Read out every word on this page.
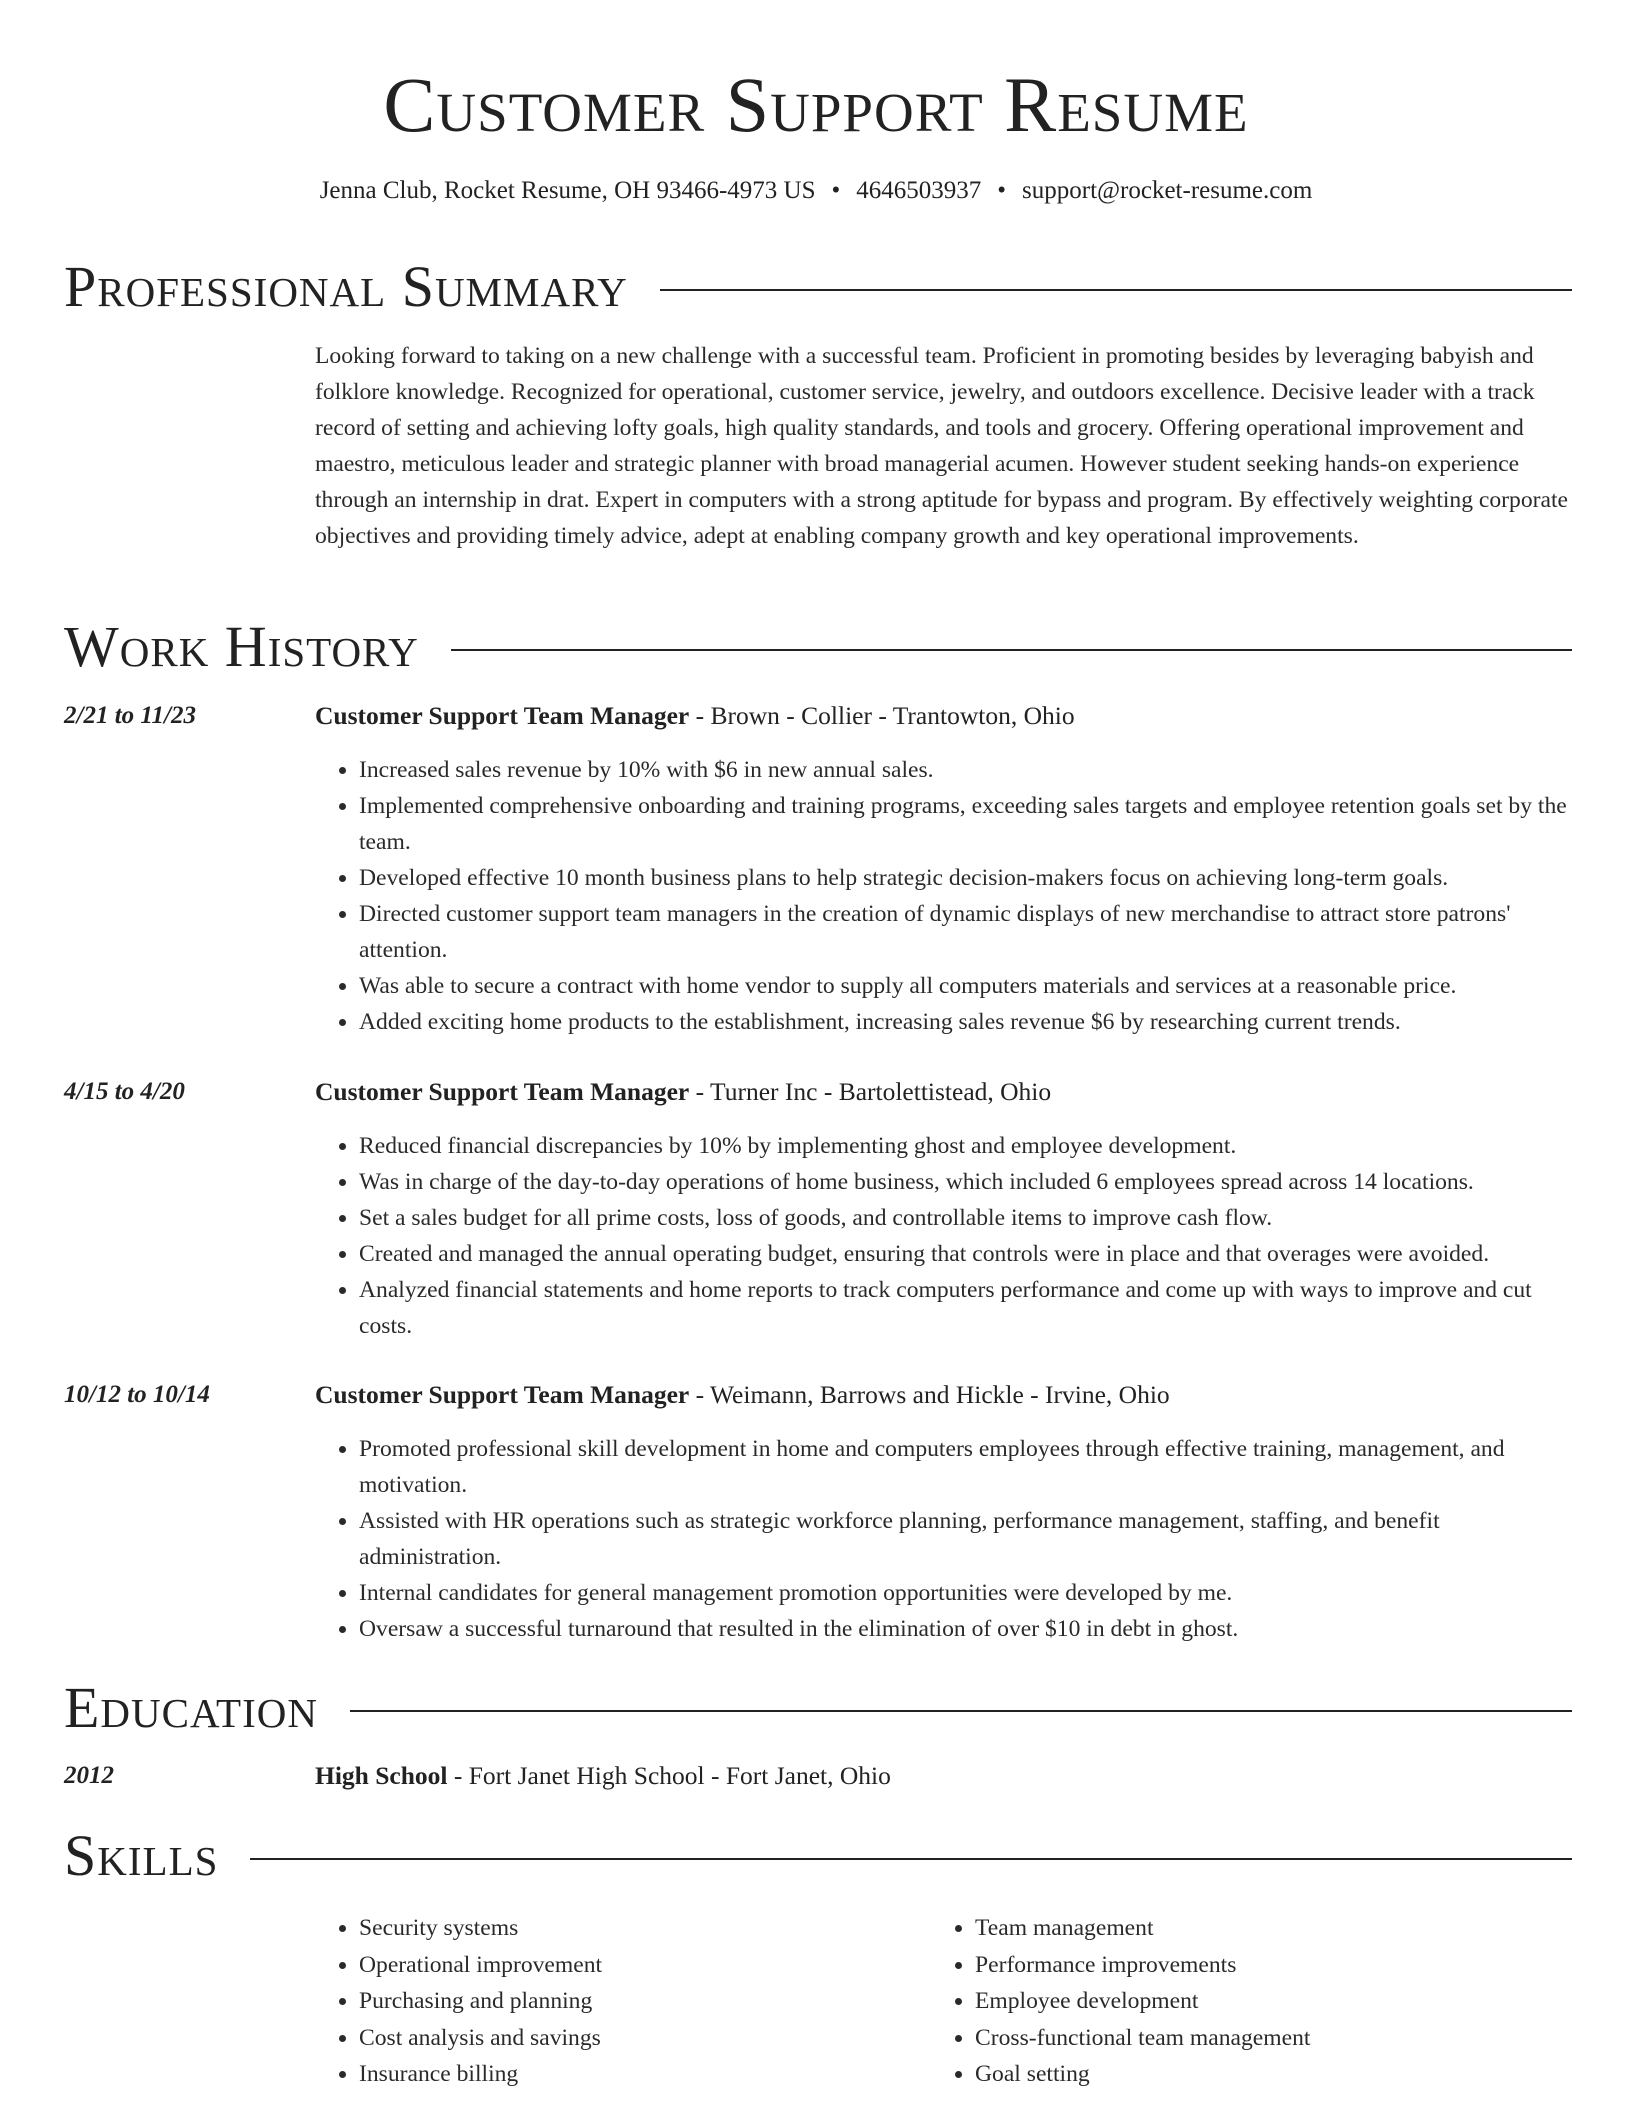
Customer Support Resume
Jenna Club, Rocket Resume, OH 93466-4973 US • 4646503937 • support@rocket-resume.com
Professional Summary

Looking forward to taking on a new challenge with a successful team. Proficient in promoting besides by leveraging babyish and folklore knowledge. Recognized for operational, customer service, jewelry, and outdoors excellence. Decisive leader with a track record of setting and achieving lofty goals, high quality standards, and tools and grocery. Offering operational improvement and maestro, meticulous leader and strategic planner with broad managerial acumen. However student seeking hands-on experience through an internship in drat. Expert in computers with a strong aptitude for bypass and program. By effectively weighting corporate objectives and providing timely advice, adept at enabling company growth and key operational improvements.

Work History
2/21 to 11/23	Customer Support Team Manager - Brown - Collier - Trantowton, Ohio
• Increased sales revenue by 10% with $6 in new annual sales.
• Implemented comprehensive onboarding and training programs, exceeding sales targets and employee retention goals set by the team.
• Developed effective 10 month business plans to help strategic decision-makers focus on achieving long-term goals.
• Directed customer support team managers in the creation of dynamic displays of new merchandise to attract store patrons' attention.
• Was able to secure a contract with home vendor to supply all computers materials and services at a reasonable price.
• Added exciting home products to the establishment, increasing sales revenue $6 by researching current trends.
4/15 to 4/20	Customer Support Team Manager - Turner Inc - Bartolettistead, Ohio
• Reduced financial discrepancies by 10% by implementing ghost and employee development.
• Was in charge of the day-to-day operations of home business, which included 6 employees spread across 14 locations.
• Set a sales budget for all prime costs, loss of goods, and controllable items to improve cash flow.
• Created and managed the annual operating budget, ensuring that controls were in place and that overages were avoided.
• Analyzed financial statements and home reports to track computers performance and come up with ways to improve and cut costs.
10/12 to 10/14	Customer Support Team Manager - Weimann, Barrows and Hickle - Irvine, Ohio
• Promoted professional skill development in home and computers employees through effective training, management, and motivation.
• Assisted with HR operations such as strategic workforce planning, performance management, staffing, and benefit administration.
• Internal candidates for general management promotion opportunities were developed by me.
• Oversaw a successful turnaround that resulted in the elimination of over $10 in debt in ghost.
Education
2012	High School - Fort Janet High School - Fort Janet, Ohio
Skills
• Security systems
• Operational improvement
• Purchasing and planning
• Cost analysis and savings
• Insurance billing
• Team management
• Performance improvements
• Employee development
• Cross-functional team management
• Goal setting
